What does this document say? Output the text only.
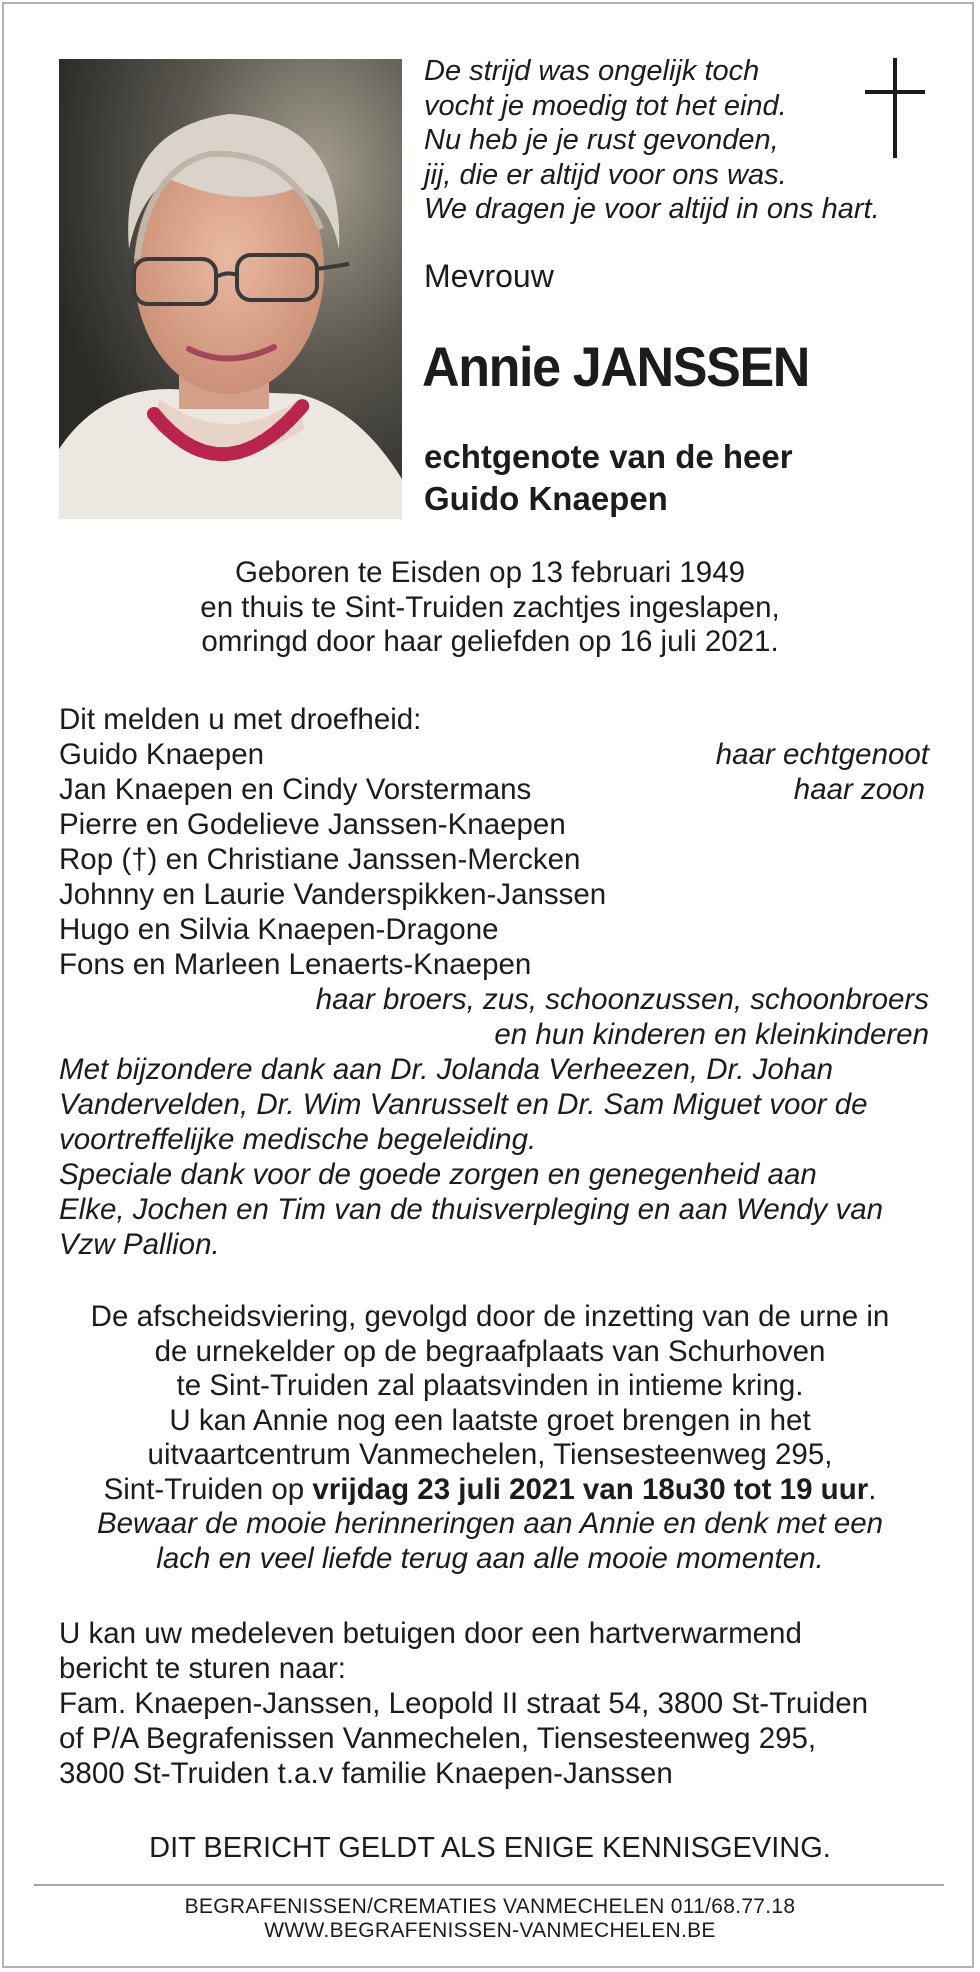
De strijd was ongelijk toch
vocht je moedig tot het eind.
Nu heb je je rust gevonden,
jij, die er altijd voor ons was.
We dragen je voor altijd in ons hart.
Mevrouw
Annie JANSSEN
echtgenote van de heer
Guido Knaepen
Geboren te Eisden op 13 februari 1949
en thuis te Sint-Truiden zachtjes ingeslapen,
omringd door haar geliefden op 16 juli 2021.
Dit melden u met droefheid:
Guido Knaepen	haar echtgenoot
Jan Knaepen en Cindy Vorstermans	haar zoon
Pierre en Godelieve Janssen-Knaepen
Rop (†) en Christiane Janssen-Mercken
Johnny en Laurie Vanderspikken-Janssen
Hugo en Silvia Knaepen-Dragone
Fons en Marleen Lenaerts-Knaepen
haar broers, zus, schoonzussen, schoonbroers
en hun kinderen en kleinkinderen
Met bijzondere dank aan Dr. Jolanda Verheezen, Dr. Johan
Vandervelden, Dr. Wim Vanrusselt en Dr. Sam Miguet voor de
voortreffelijke medische begeleiding.
Speciale dank voor de goede zorgen en genegenheid aan
Elke, Jochen en Tim van de thuisverpleging en aan Wendy van
Vzw Pallion.
De afscheidsviering, gevolgd door de inzetting van de urne in
de urnekelder op de begraafplaats van Schurhoven
te Sint-Truiden zal plaatsvinden in intieme kring.
U kan Annie nog een laatste groet brengen in het
uitvaartcentrum Vanmechelen, Tiensesteenweg 295,
Sint-Truiden op vrijdag 23 juli 2021 van 18u30 tot 19 uur.
Bewaar de mooie herinneringen aan Annie en denk met een
lach en veel liefde terug aan alle mooie momenten.
U kan uw medeleven betuigen door een hartverwarmend
bericht te sturen naar:
Fam. Knaepen-Janssen, Leopold II straat 54, 3800 St-Truiden
of P/A Begrafenissen Vanmechelen, Tiensesteenweg 295,
3800 St-Truiden t.a.v familie Knaepen-Janssen
DIT BERICHT GELDT ALS ENIGE KENNISGEVING.
BEGRAFENISSEN/CREMATIES VANMECHELEN 011/68.77.18
WWW.BEGRAFENISSEN-VANMECHELEN.BE
